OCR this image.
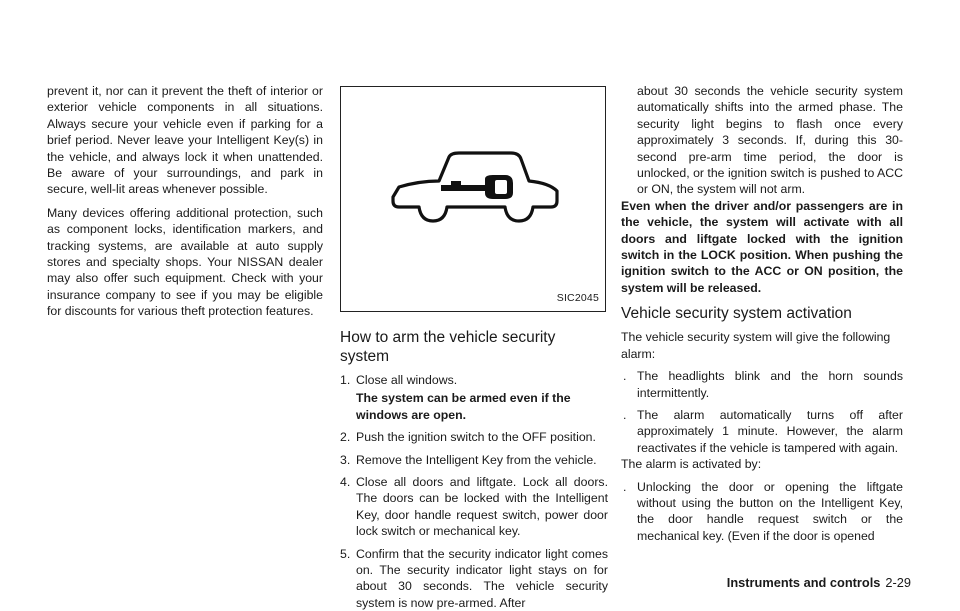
prevent it, nor can it prevent the theft of interior or exterior vehicle components in all situations. Always secure your vehicle even if parking for a brief period. Never leave your Intelligent Key(s) in the vehicle, and always lock it when unattended. Be aware of your surroundings, and park in secure, well-lit areas whenever possible.

Many devices offering additional protection, such as component locks, identification markers, and tracking systems, are available at auto supply stores and specialty shops. Your NISSAN dealer may also offer such equipment. Check with your insurance company to see if you may be eligible for discounts for various theft protection features.

SIC2045
How to arm the vehicle security system
1. Close all windows.
The system can be armed even if the windows are open.
2. Push the ignition switch to the OFF position.
3. Remove the Intelligent Key from the vehicle.
4. Close all doors and liftgate. Lock all doors. The doors can be locked with the Intelligent Key, door handle request switch, power door lock switch or mechanical key.
5. Confirm that the security indicator light comes on. The security indicator light stays on for about 30 seconds. The vehicle security system is now pre-armed. After

about 30 seconds the vehicle security system automatically shifts into the armed phase. The security light begins to flash once every approximately 3 seconds. If, during this 30-second pre-arm time period, the door is unlocked, or the ignition switch is pushed to ACC or ON, the system will not arm.

Even when the driver and/or passengers are in the vehicle, the system will activate with all doors and liftgate locked with the ignition switch in the LOCK position. When pushing the ignition switch to the ACC or ON position, the system will be released.

Vehicle security system activation

The vehicle security system will give the following alarm:

. The headlights blink and the horn sounds intermittently.
. The alarm automatically turns off after approximately 1 minute. However, the alarm reactivates if the vehicle is tampered with again.

The alarm is activated by:

. Unlocking the door or opening the liftgate without using the button on the Intelligent Key, the door handle request switch or the mechanical key. (Even if the door is opened
Instruments and controls 2-29
